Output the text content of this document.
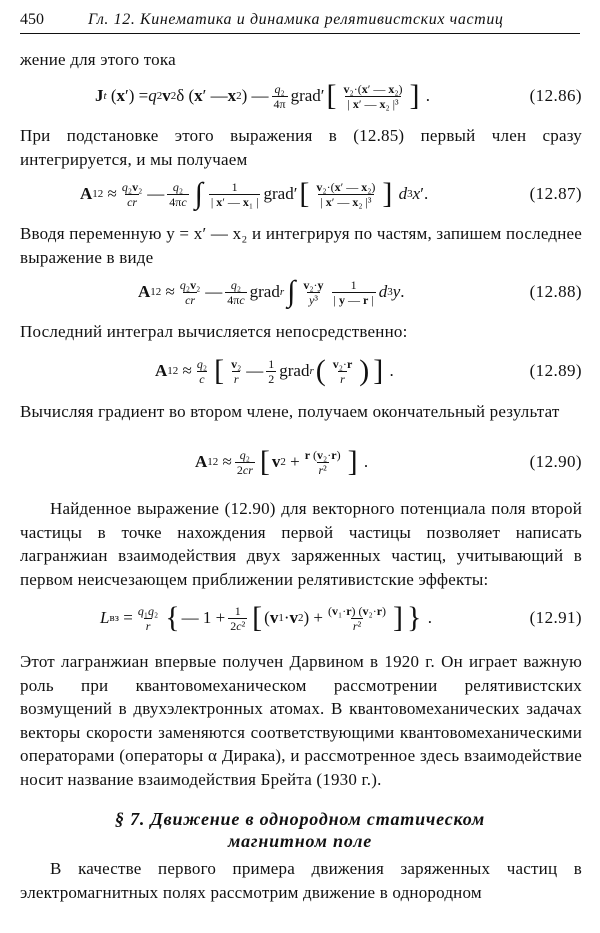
450	Гл. 12. Кинематика и динамика релятивистских частиц
жение для этого тока
J t ( x ′) = q 2 v 2 δ ( x ′ — x 2 ) — $\frac{\text{q₂}}{4\pi}$ grad′ [ $\frac{\text{v₂·(x′ — x₂)}}{\text{| x′ — x₂ |³}}$ ] .	(12.86)
При подстановке этого выражения в (12.85) первый член сразу интегрируется, и мы получаем
A $12 \approx \frac{\text{q₂v₂}}{cr}$ — $\frac{\text{q₂}}{4\pi c}$ ∫ $\frac{1}{\text{| x′ — x₁ |}}$ grad′ [ $\frac{\text{v₂·(x′ — x₂)}}{\text{| x′ — x₂ |³}}$ ]
d 3 x ′.	(12.87)
Вводя переменную y = x′ — x₂ и интегрируя по частям, запишем последнее выражение в виде
A $12 \approx \frac{\text{q₂v₂}}{cr}$ — $\frac{\text{q₂}}{4\pi c}$ grad r ∫ $\frac{\text{v₂·y}}{\text{y³}} \frac{1}{| y — r |}$ d 3 y .	(12.88)
Последний интеграл вычисляется непосредственно:
A $12 \approx \frac{\text{q₂}}{c}$ [ $\frac{\text{v₂}}{r}$ — $\frac{1}{2}$ grad r ( $\frac{\text{v₂·r}}{r}$ ) ] .	(12.89)
Вычисляя градиент во втором члене, получаем окончательный результат
A $12 \approx \frac{\text{q₂}}{2cr}$ [ v $2 + \frac{\text{r (v₂·r)}}{\text{r²}}$ ] .	(12.90)
Найденное выражение (12.90) для векторного потенциала поля второй частицы в точке нахождения первой частицы позволяет написать лагранжиан взаимодействия двух заряженных частиц, учитывающий в первом неисчезающем приближении релятивистские эффекты:
L вз = $\frac{\text{q₁q₂}}{r}$ { — $1 + \frac{1}{\text{2c²}}$ [ ( v 1 · v 2 ) + $\frac{\text{(v₁·r) (v₂·r)}}{\text{r²}}$ ] } .	(12.91)
Этот лагранжиан впервые получен Дарвином в 1920 г. Он играет важную роль при квантовомеханическом рассмотрении релятивистских возмущений в двухэлектронных атомах. В квантовомеханических задачах векторы скорости заменяются соответствующими квантовомеханическими операторами (операторы α Дирака), и рассмотренное здесь взаимодействие носит название взаимодействия Брейта (1930 г.).
§ 7. Движение в однородном статическом
магнитном поле
В качестве первого примера движения заряженных частиц в электромагнитных полях рассмотрим движение в однородном
